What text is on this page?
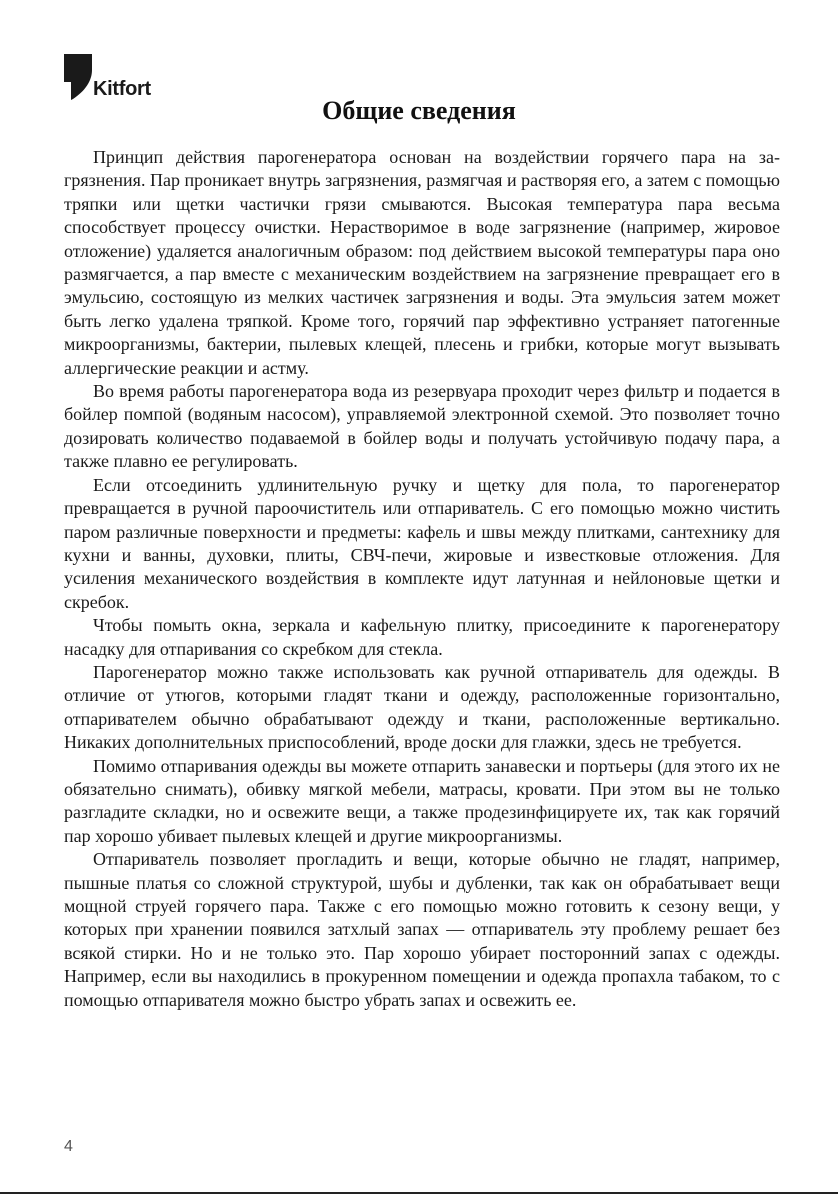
Kitfort
Общие сведения

Принцип действия парогенератора основан на воздействии горячего пара на загрязнения. Пар проникает внутрь загрязнения, размягчая и растворяя его, а затем с помощью тряпки или щетки частички грязи смываются. Высокая температура пара весьма способствует процессу очистки. Нерастворимое в воде загрязнение (например, жировое отложение) удаляется аналогичным образом: под действием высокой температуры пара оно размягчается, а пар вместе с механическим воздействием на загрязнение превращает его в эмульсию, состоящую из мелких частичек загрязнения и воды. Эта эмульсия затем может быть легко удалена тряпкой. Кроме того, горячий пар эффективно устраняет патогенные микроорганизмы, бактерии, пылевых клещей, плесень и грибки, которые могут вызывать аллергические реакции и астму.

Во время работы парогенератора вода из резервуара проходит через фильтр и подается в бойлер помпой (водяным насосом), управляемой электронной схемой. Это позволяет точно дозировать количество подаваемой в бойлер воды и получать устойчивую подачу пара, а также плавно ее регулировать.

Если отсоединить удлинительную ручку и щетку для пола, то парогенератор превращается в ручной пароочиститель или отпариватель. С его помощью можно чистить паром различные поверхности и предметы: кафель и швы между плитками, сантехнику для кухни и ванны, духовки, плиты, СВЧ-печи, жировые и известковые отложения. Для усиления механического воздействия в комплекте идут латунная и нейлоновые щетки и скребок.

Чтобы помыть окна, зеркала и кафельную плитку, присоедините к парогенератору насадку для отпаривания со скребком для стекла.

Парогенератор можно также использовать как ручной отпариватель для одежды. В отличие от утюгов, которыми гладят ткани и одежду, расположенные горизонтально, отпаривателем обычно обрабатывают одежду и ткани, расположенные вертикально. Никаких дополнительных приспособлений, вроде доски для глажки, здесь не требуется.

Помимо отпаривания одежды вы можете отпарить занавески и портьеры (для этого их не обязательно снимать), обивку мягкой мебели, матрасы, кровати. При этом вы не только разгладите складки, но и освежите вещи, а также продезинфицируете их, так как горячий пар хорошо убивает пылевых клещей и другие микроорганизмы.

Отпариватель позволяет прогладить и вещи, которые обычно не гладят, например, пышные платья со сложной структурой, шубы и дубленки, так как он обрабатывает вещи мощной струей горячего пара. Также с его помощью можно готовить к сезону вещи, у которых при хранении появился затхлый запах — отпариватель эту проблему решает без всякой стирки. Но и не только это. Пар хорошо убирает посторонний запах с одежды. Например, если вы находились в прокуренном помещении и одежда пропахла табаком, то с помощью отпаривателя можно быстро убрать запах и освежить ее.

4
